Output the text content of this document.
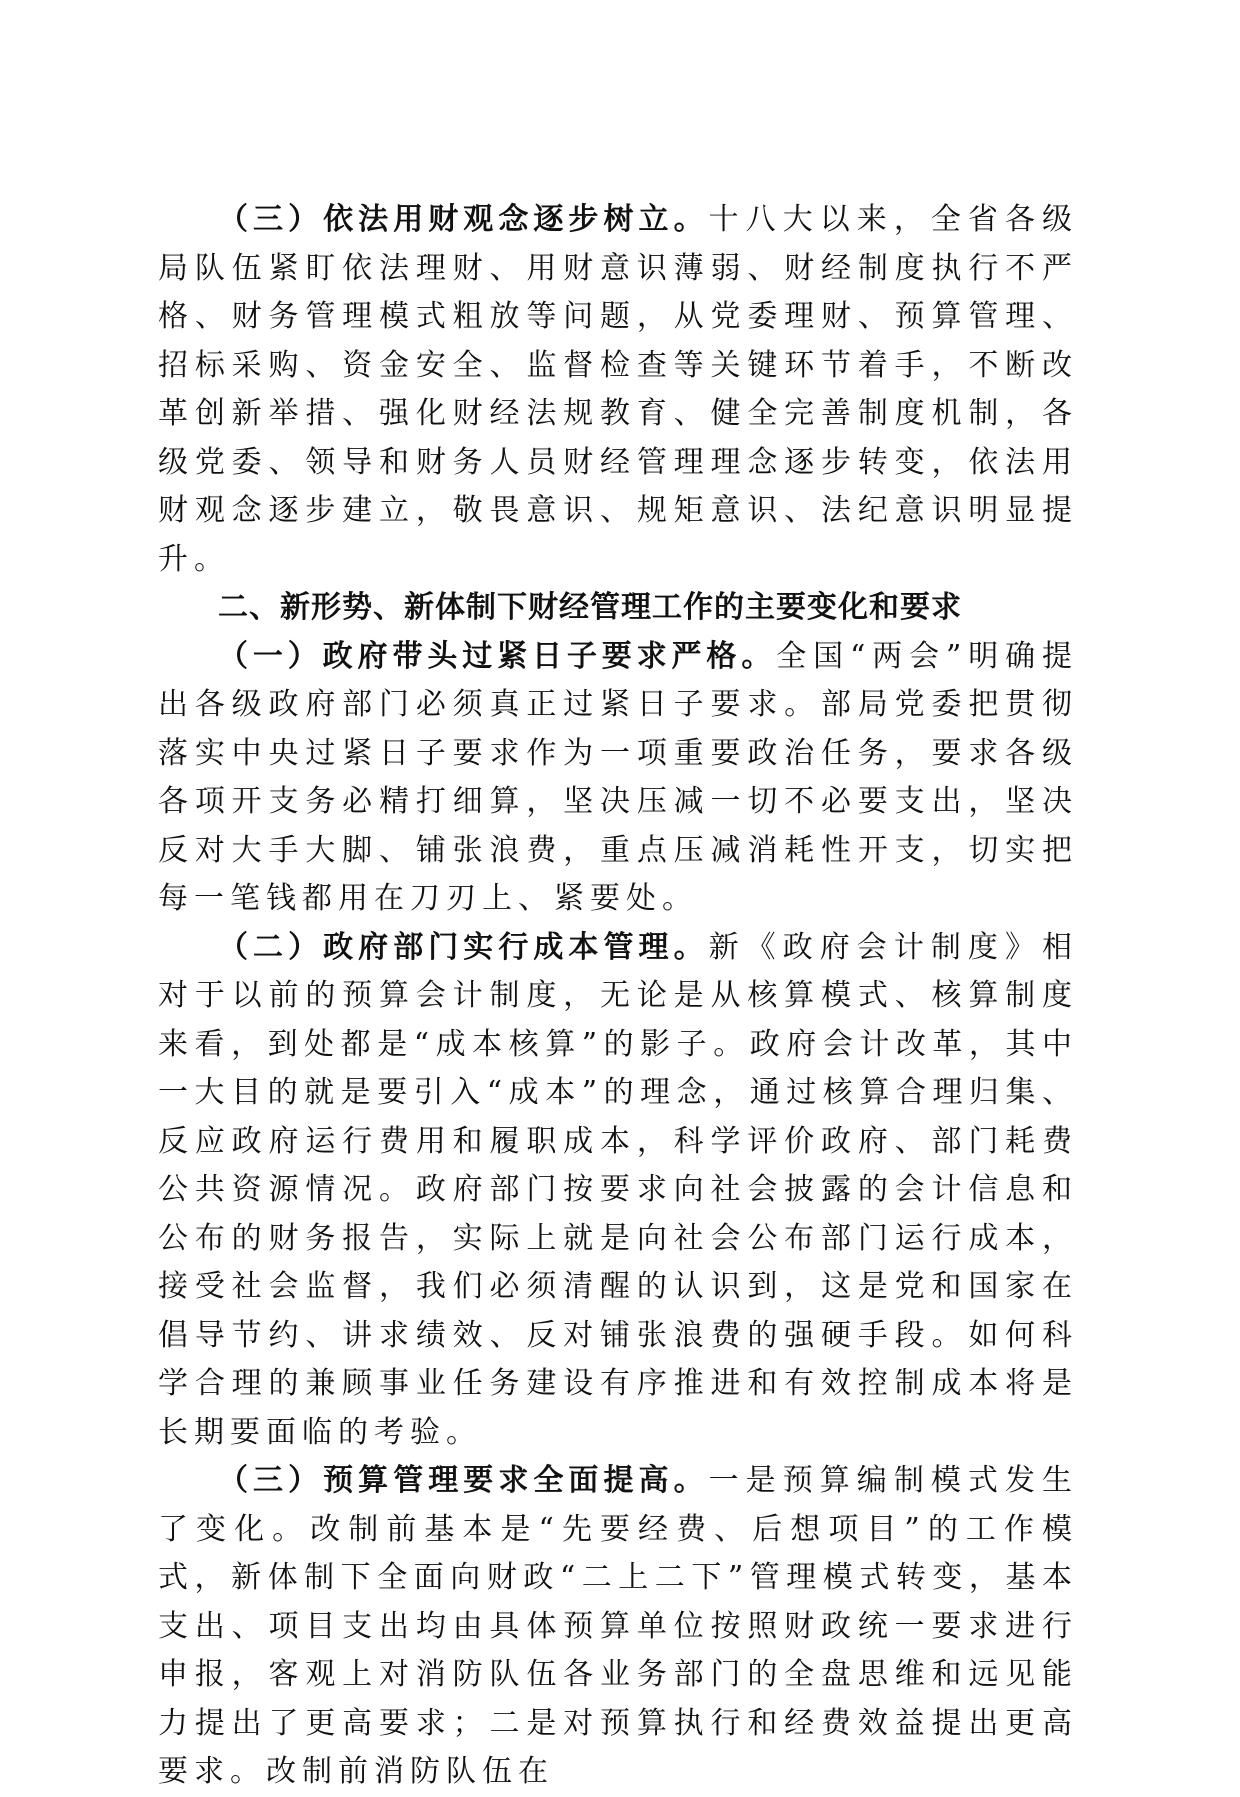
（三）依法用财观念逐步树立。十八大以来，全省各级局队伍紧盯依法理财、用财意识薄弱、财经制度执行不严格、财务管理模式粗放等问题，从党委理财、预算管理、招标采购、资金安全、监督检查等关键环节着手，不断改革创新举措、强化财经法规教育、健全完善制度机制，各级党委、领导和财务人员财经管理理念逐步转变，依法用财观念逐步建立，敬畏意识、规矩意识、法纪意识明显提升。

二、新形势、新体制下财经管理工作的主要变化和要求

（一）政府带头过紧日子要求严格。全国“两会”明确提出各级政府部门必须真正过紧日子要求。部局党委把贯彻落实中央过紧日子要求作为一项重要政治任务，要求各级各项开支务必精打细算，坚决压减一切不必要支出，坚决反对大手大脚、铺张浪费，重点压减消耗性开支，切实把每一笔钱都用在刀刃上、紧要处。

（二）政府部门实行成本管理。新《政府会计制度》相对于以前的预算会计制度，无论是从核算模式、核算制度来看，到处都是“成本核算”的影子。政府会计改革，其中一大目的就是要引入“成本”的理念，通过核算合理归集、反应政府运行费用和履职成本，科学评价政府、部门耗费公共资源情况。政府部门按要求向社会披露的会计信息和公布的财务报告，实际上就是向社会公布部门运行成本，接受社会监督，我们必须清醒的认识到，这是党和国家在倡导节约、讲求绩效、反对铺张浪费的强硬手段。如何科学合理的兼顾事业任务建设有序推进和有效控制成本将是长期要面临的考验。

（三）预算管理要求全面提高。一是预算编制模式发生了变化。改制前基本是“先要经费、后想项目”的工作模式，新体制下全面向财政“二上二下”管理模式转变，基本支出、项目支出均由具体预算单位按照财政统一要求进行申报，客观上对消防队伍各业务部门的全盘思维和远见能力提出了更高要求；二是对预算执行和经费效益提出更高要求。改制前消防队伍在
